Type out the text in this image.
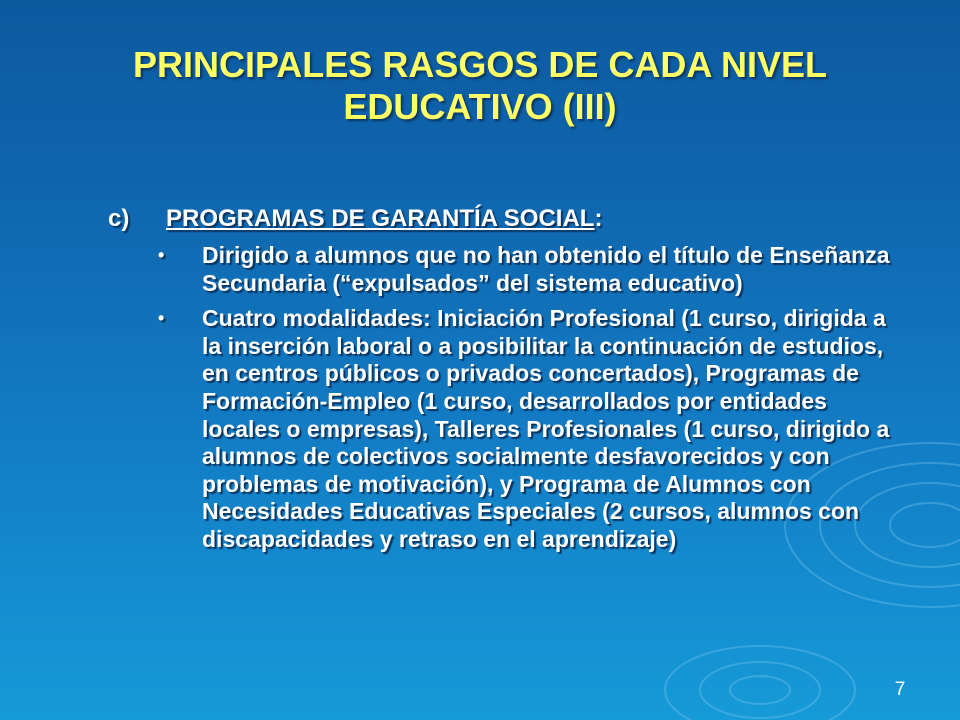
PRINCIPALES RASGOS DE CADA NIVEL EDUCATIVO (III)
c) PROGRAMAS DE GARANTÍA SOCIAL:
• Dirigido a alumnos que no han obtenido el título de Enseñanza Secundaria (“expulsados” del sistema educativo)
• Cuatro modalidades: Iniciación Profesional (1 curso, dirigida a la inserción laboral o a posibilitar la continuación de estudios, en centros públicos o privados concertados), Programas de Formación-Empleo (1 curso, desarrollados por entidades locales o empresas), Talleres Profesionales (1 curso, dirigido a alumnos de colectivos socialmente desfavorecidos y con problemas de motivación), y Programa de Alumnos con Necesidades Educativas Especiales (2 cursos, alumnos con discapacidades y retraso en el aprendizaje)
7
